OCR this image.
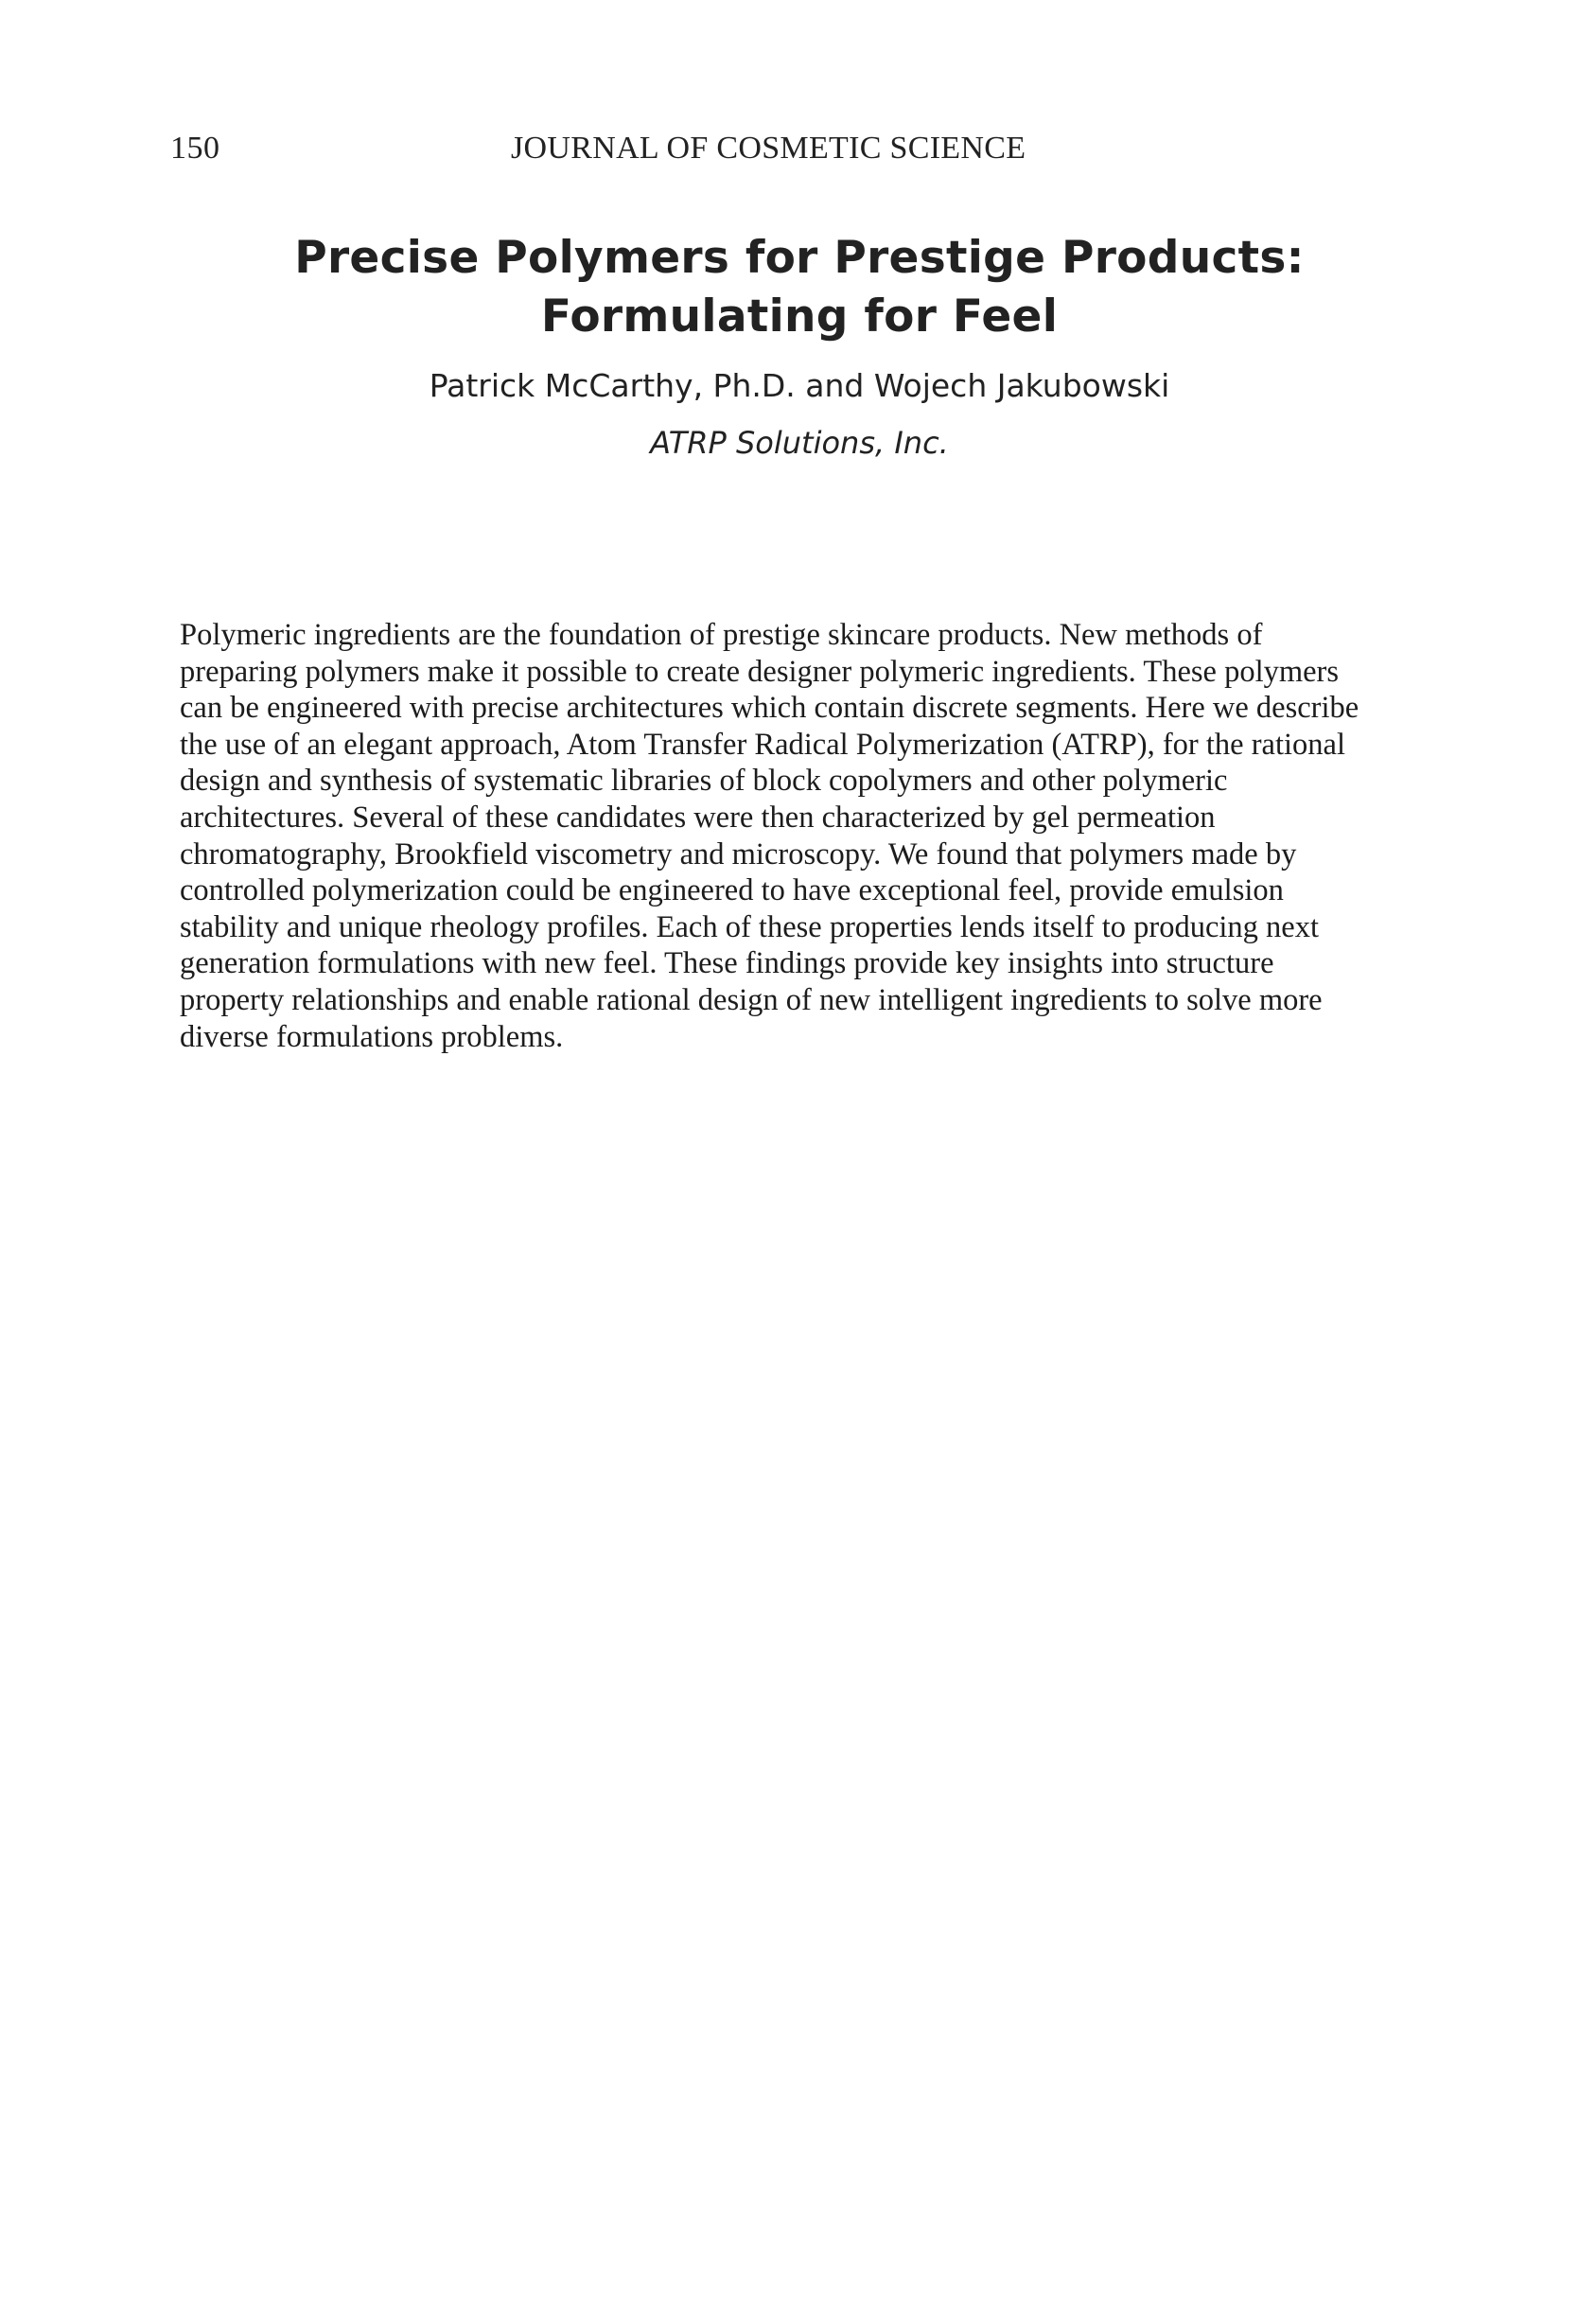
150	JOURNAL OF COSMETIC SCIENCE
Precise Polymers for Prestige Products:
Formulating for Feel
Patrick McCarthy, Ph.D. and Wojech Jakubowski
ATRP Solutions, Inc.
Polymeric ingredients are the foundation of prestige skincare products. New methods of
preparing polymers make it possible to create designer polymeric ingredients. These polymers
can be engineered with precise architectures which contain discrete segments. Here we describe
the use of an elegant approach, Atom Transfer Radical Polymerization (ATRP), for the rational
design and synthesis of systematic libraries of block copolymers and other polymeric
architectures. Several of these candidates were then characterized by gel permeation
chromatography, Brookfield viscometry and microscopy. We found that polymers made by
controlled polymerization could be engineered to have exceptional feel, provide emulsion
stability and unique rheology profiles. Each of these properties lends itself to producing next
generation formulations with new feel. These findings provide key insights into structure
property relationships and enable rational design of new intelligent ingredients to solve more
diverse formulations problems.
